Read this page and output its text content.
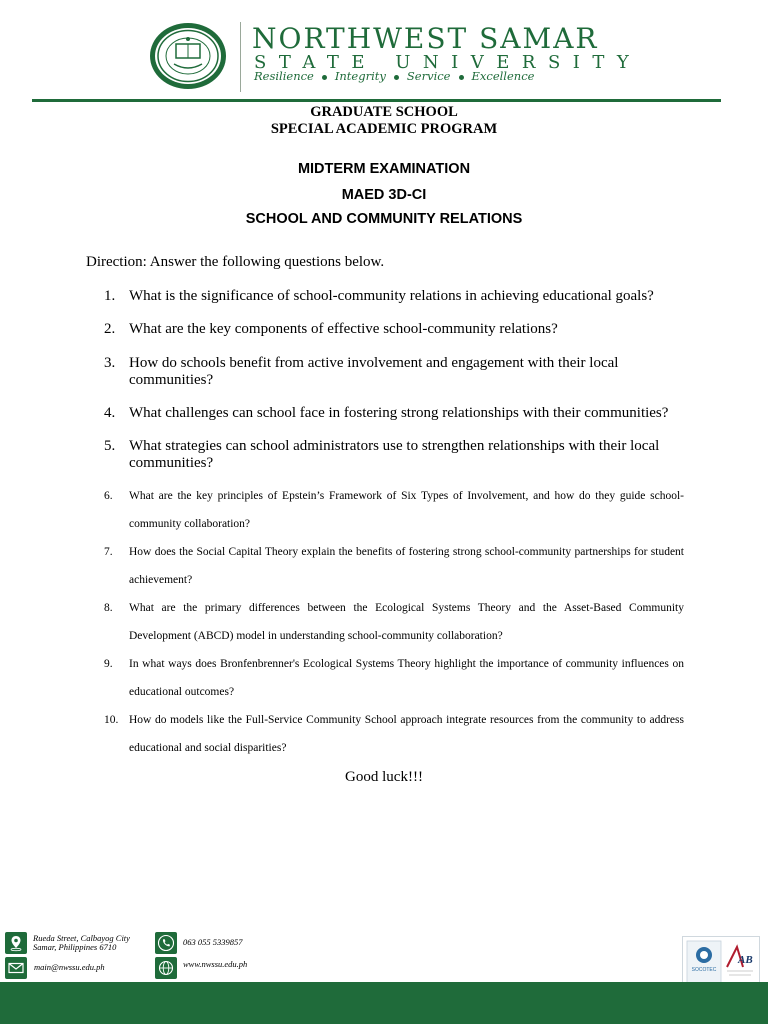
NORTHWEST SAMAR
STATE UNIVERSITY
Resilience Integrity Service Excellence
GRADUATE SCHOOL
SPECIAL ACADEMIC PROGRAM
MIDTERM EXAMINATION
MAED 3D-CI
SCHOOL AND COMMUNITY RELATIONS
Direction: Answer the following questions below.
1. What is the significance of school-community relations in achieving educational goals?
2. What are the key components of effective school-community relations?
3. How do schools benefit from active involvement and engagement with their local communities?
4. What challenges can school face in fostering strong relationships with their communities?
5. What strategies can school administrators use to strengthen relationships with their local communities?
6.	What are the key principles of Epstein’s Framework of Six Types of Involvement, and how do they guide school-community collaboration?
7.	How does the Social Capital Theory explain the benefits of fostering strong school-community partnerships for student achievement?
8.	What are the primary differences between the Ecological Systems Theory and the Asset-Based Community Development (ABCD) model in understanding school-community collaboration?
9.	In what ways does Bronfenbrenner's Ecological Systems Theory highlight the importance of community influences on educational outcomes?
10. How do models like the Full-Service Community School approach integrate resources from the community to address educational and social disparities?
Good luck!!!
Rueda Street, Calbayog City
Samar, Philippines 6710
main@nwssu.edu.ph
063 055 5339857
www.nwssu.edu.ph
SOCOTEC
AB
